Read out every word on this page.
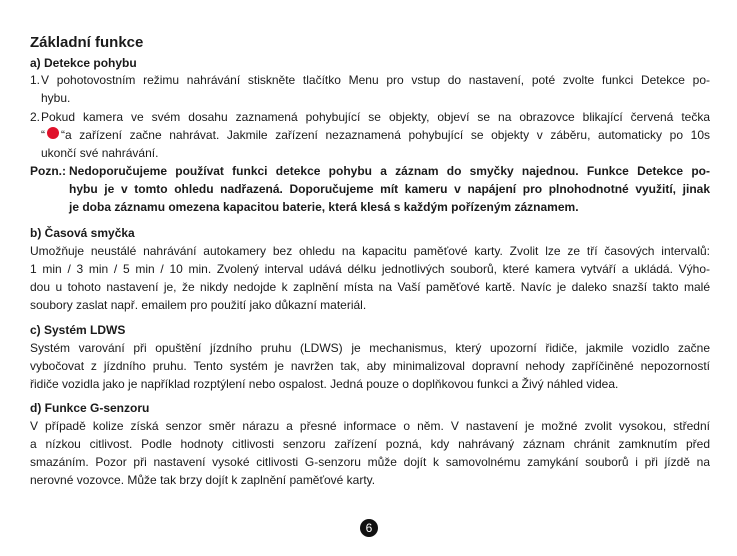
Základní funkce
a) Detekce pohybu
1. V pohotovostním režimu nahrávání stiskněte tlačítko Menu pro vstup do nastavení, poté zvolte funkci Detekce po-
hybu.
2. Pokud kamera ve svém dosahu zaznamená pohybující se objekty, objeví se na obrazovce blikající červená tečka
“ “a zařízení začne nahrávat. Jakmile zařízení nezaznamená pohybující se objekty v záběru, automaticky po 10s
ukončí své nahrávání.
Pozn.: Nedoporučujeme používat funkci detekce pohybu a záznam do smyčky najednou. Funkce Detekce po-
hybu je v tomto ohledu nadřazená. Doporučujeme mít kameru v napájení pro plnohodnotné využití, jinak
je doba záznamu omezena kapacitou baterie, která klesá s každým pořízeným záznamem.
b) Časová smyčka
Umožňuje neustálé nahrávání autokamery bez ohledu na kapacitu paměťové karty. Zvolit lze ze tří časových intervalů:
1 min / 3 min / 5 min / 10 min. Zvolený interval udává délku jednotlivých souborů, které kamera vytváří a ukládá. Výho-
dou u tohoto nastavení je, že nikdy nedojde k zaplnění místa na Vaší paměťové kartě. Navíc je daleko snazší takto malé
soubory zaslat např. emailem pro použití jako důkazní materiál.
c) Systém LDWS
Systém varování při opuštění jízdního pruhu (LDWS) je mechanismus, který upozorní řidiče, jakmile vozidlo začne
vybočovat z jízdního pruhu. Tento systém je navržen tak, aby minimalizoval dopravní nehody zapříčiněné nepozorností
řidiče vozidla jako je například rozptýlení nebo ospalost. Jedná pouze o doplňkovou funkci a Živý náhled videa.
d) Funkce G-senzoru
V případě kolize získá senzor směr nárazu a přesné informace o něm. V nastavení je možné zvolit vysokou, střední
a nízkou citlivost. Podle hodnoty citlivosti senzoru zařízení pozná, kdy nahrávaný záznam chránit zamknutím před
smazáním. Pozor při nastavení vysoké citlivosti G-senzoru může dojít k samovolnému zamykání souborů i při jízdě na
nerovné vozovce. Může tak brzy dojít k zaplnění paměťové karty.
6
